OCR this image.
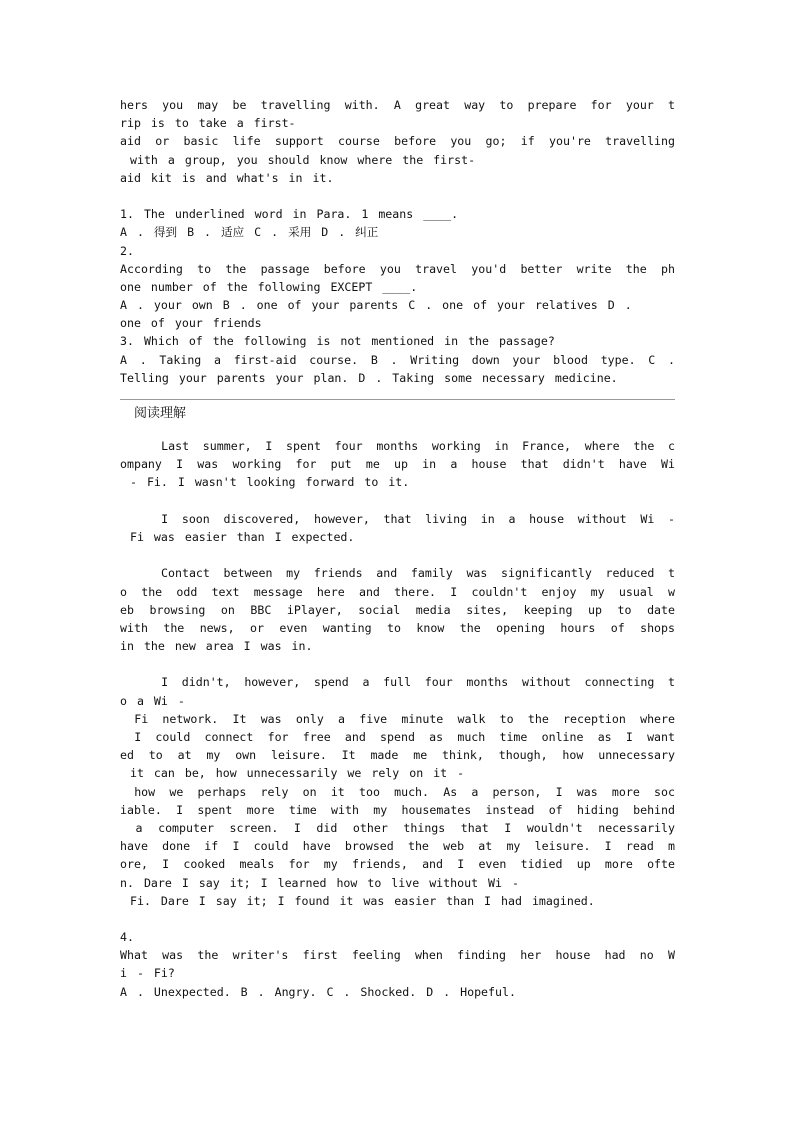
hers you may be travelling with. A great way to prepare for your t
rip is to take a first-
aid or basic life support course before you go; if you're travelling
with a group, you should know where the first-
aid kit is and what's in it.
1. The underlined word in Para. 1 means ____.
A . 得到 B . 适应 C . 采用 D . 纠正
2.
According to the passage before you travel you'd better write the ph
one number of the following EXCEPT ____.
A . your own B . one of your parents C . one of your relatives D .
one of your friends
3. Which of the following is not mentioned in the passage?
A . Taking a first-aid course. B . Writing down your blood type. C .
Telling your parents your plan. D . Taking some necessary medicine.
阅读理解
Last summer, I spent four months working in France, where the c
ompany I was working for put me up in a house that didn't have Wi
- Fi. I wasn't looking forward to it.
I soon discovered, however, that living in a house without Wi -
Fi was easier than I expected.
Contact between my friends and family was significantly reduced t
o the odd text message here and there. I couldn't enjoy my usual w
eb browsing on BBC iPlayer, social media sites, keeping up to date
with the news, or even wanting to know the opening hours of shops
in the new area I was in.
I didn't, however, spend a full four months without connecting t
o a Wi -
Fi network. It was only a five minute walk to the reception where
I could connect for free and spend as much time online as I want
ed to at my own leisure. It made me think, though, how unnecessary
it can be, how unnecessarily we rely on it -
how we perhaps rely on it too much. As a person, I was more soc
iable. I spent more time with my housemates instead of hiding behind
a computer screen. I did other things that I wouldn't necessarily
have done if I could have browsed the web at my leisure. I read m
ore, I cooked meals for my friends, and I even tidied up more ofte
n. Dare I say it; I learned how to live without Wi -
Fi. Dare I say it; I found it was easier than I had imagined.
4.
What was the writer's first feeling when finding her house had no W
i - Fi?
A . Unexpected. B . Angry. C . Shocked. D . Hopeful.
